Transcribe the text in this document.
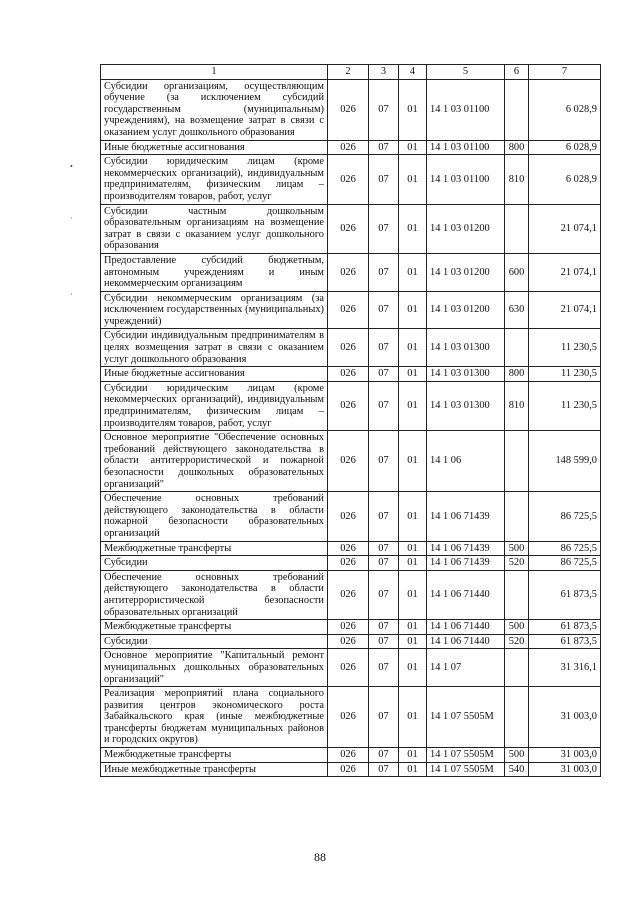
•
·
·
1	2	3	4	5	6	7
Субсидии организациям, осуществляющим обучение (за исключением субсидий государственным (муниципальным) учреждениям), на возмещение затрат в связи с оказанием услуг дошкольного образования	026	07	01	14 1 03 01100		6 028,9
Иные бюджетные ассигнования	026	07	01	14 1 03 01100	800	6 028,9
Субсидии юридическим лицам (кроме некоммерческих организаций), индивидуальным предпринимателям, физическим лицам – производителям товаров, работ, услуг	026	07	01	14 1 03 01100	810	6 028,9
Субсидии частным дошкольным образовательным организациям на возмещение затрат в связи с оказанием услуг дошкольного образования	026	07	01	14 1 03 01200		21 074,1
Предоставление субсидий бюджетным, автономным учреждениям и иным некоммерческим организациям	026	07	01	14 1 03 01200	600	21 074,1
Субсидии некоммерческим организациям (за исключением государственных (муниципальных) учреждений)	026	07	01	14 1 03 01200	630	21 074,1
Субсидии индивидуальным предпринимателям в целях возмещения затрат в связи с оказанием услуг дошкольного образования	026	07	01	14 1 03 01300		11 230,5
Иные бюджетные ассигнования	026	07	01	14 1 03 01300	800	11 230,5
Субсидии юридическим лицам (кроме некоммерческих организаций), индивидуальным предпринимателям, физическим лицам – производителям товаров, работ, услуг	026	07	01	14 1 03 01300	810	11 230,5
Основное мероприятие "Обеспечение основных требований действующего законодательства в области антитеррористической и пожарной безопасности дошкольных образовательных организаций"	026	07	01	14 1 06		148 599,0
Обеспечение основных требований действующего законодательства в области пожарной безопасности образовательных организаций	026	07	01	14 1 06 71439		86 725,5
Межбюджетные трансферты	026	07	01	14 1 06 71439	500	86 725,5
Субсидии	026	07	01	14 1 06 71439	520	86 725,5
Обеспечение основных требований действующего законодательства в области антитеррористической безопасности образовательных организаций	026	07	01	14 1 06 71440		61 873,5
Межбюджетные трансферты	026	07	01	14 1 06 71440	500	61 873,5
Субсидии	026	07	01	14 1 06 71440	520	61 873,5
Основное мероприятие "Капитальный ремонт муниципальных дошкольных образовательных организаций"	026	07	01	14 1 07		31 316,1
Реализация мероприятий плана социального развития центров экономического роста Забайкальского края (иные межбюджетные трансферты бюджетам муниципальных районов и городских округов)	026	07	01	14 1 07 5505М		31 003,0
Межбюджетные трансферты	026	07	01	14 1 07 5505М	500	31 003,0
Иные межбюджетные трансферты	026	07	01	14 1 07 5505М	540	31 003,0
88
